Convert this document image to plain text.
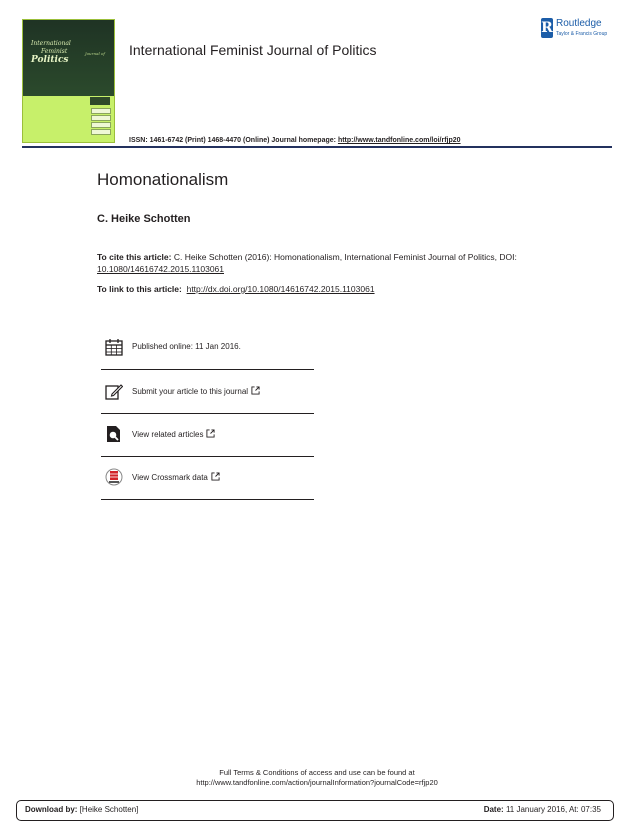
International
Feminist
Politics
Journal of International Feminist Journal of Politics
R Routledge
Taylor & Francis Group
ISSN: 1461-6742 (Print) 1468-4470 (Online) Journal homepage: http://www.tandfonline.com/loi/rfjp20
Homonationalism
C. Heike Schotten
To cite this article: C. Heike Schotten (2016): Homonationalism, International Feminist Journal of Politics, DOI: 10.1080/14616742.2015.1103061
To link to this article: http://dx.doi.org/10.1080/14616742.2015.1103061
Published online: 11 Jan 2016.
Submit your article to this journal
View related articles
View Crossmark data
Full Terms & Conditions of access and use can be found at
http://www.tandfonline.com/action/journalInformation?journalCode=rfjp20
Download by: [Heike Schotten]	Date: 11 January 2016, At: 07:35
